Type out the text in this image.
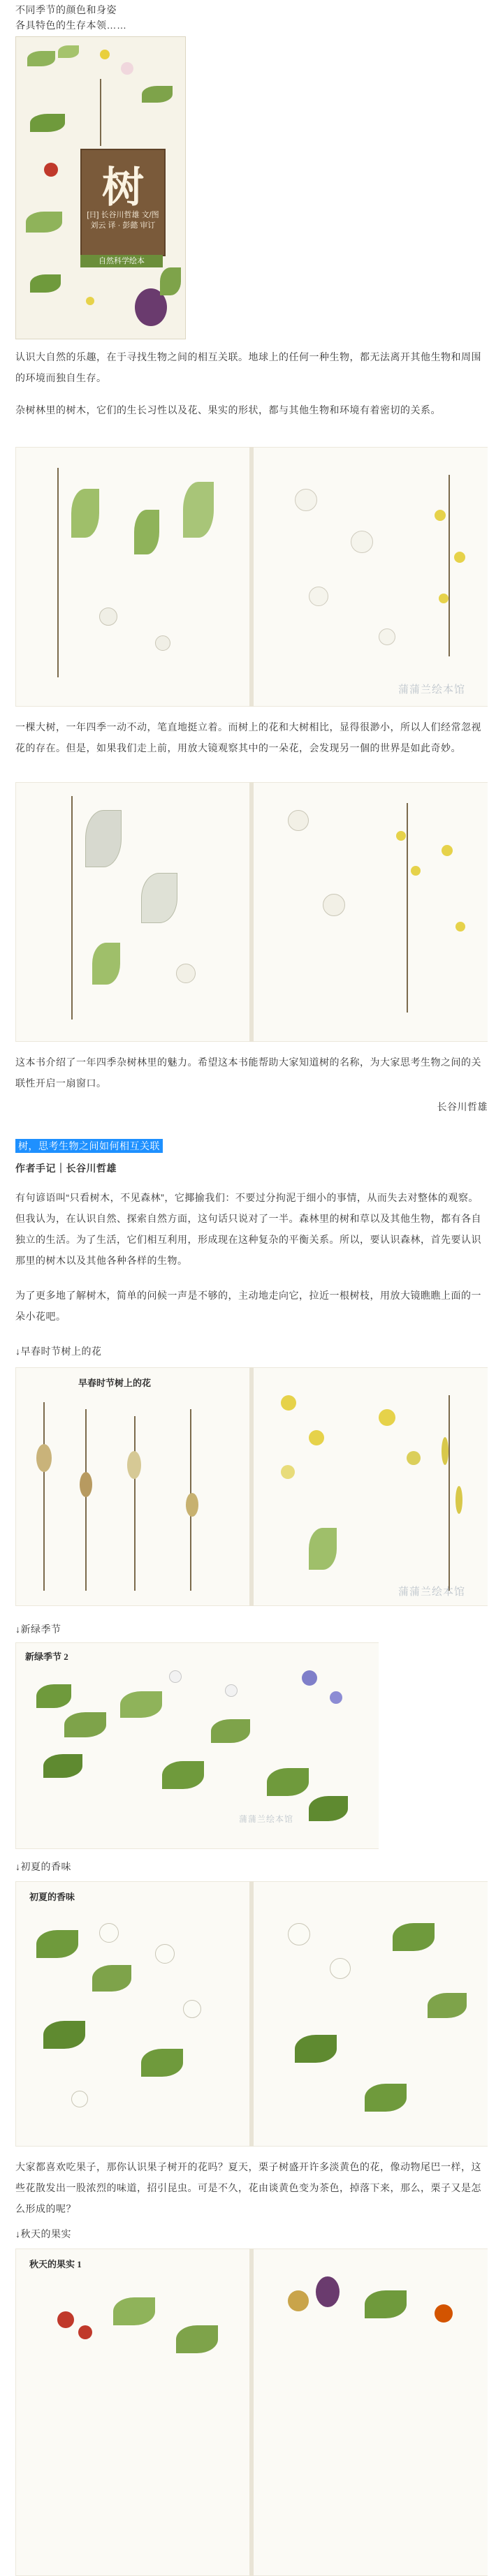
不同季节的颜色和身姿
各具特色的生存本领……
树
[日] 长谷川哲雄 文/图
刘云 译 · 彭懿 审订
自然科学绘本
认识大自然的乐趣，在于寻找生物之间的相互关联。地球上的任何一种生物，都无法离开其他生物和周围的环境而独自生存。
杂树林里的树木，它们的生长习性以及花、果实的形状，都与其他生物和环境有着密切的关系。
蒲蒲兰绘本馆
一棵大树，一年四季一动不动，笔直地挺立着。而树上的花和大树相比，显得很渺小，所以人们经常忽视花的存在。但是，如果我们走上前，用放大镜观察其中的一朵花，会发现另一個的世界是如此奇妙。
这本书介绍了一年四季杂树林里的魅力。希望这本书能帮助大家知道树的名称，为大家思考生物之间的关联性开启一扇窗口。
长谷川哲雄
树，思考生物之间如何相互关联
作者手记｜长谷川哲雄
有句谚语叫“只看树木，不见森林”，它揶揄我们：不要过分拘泥于细小的事情，从而失去对整体的观察。但我认为，在认识自然、探索自然方面，这句话只说对了一半。森林里的树和草以及其他生物，都有各自独立的生活。为了生活，它们相互利用，形成现在这种复杂的平衡关系。所以，要认识森林，首先要认识那里的树木以及其他各种各样的生物。
为了更多地了解树木，简单的问候一声是不够的，主动地走向它，拉近一根树枝，用放大镜瞧瞧上面的一朵小花吧。
↓早春时节树上的花
早春时节树上的花
蒲蒲兰绘本馆
↓新绿季节
新绿季节 2
蒲蒲兰绘本馆
↓初夏的香味
初夏的香味
大家都喜欢吃果子，那你认识果子树开的花吗？夏天，栗子树盛开许多淡黄色的花，像动物尾巴一样，这些花散发出一股浓烈的味道，招引昆虫。可是不久，花由谈黄色变为茶色，掉落下来，那么，栗子又是怎么形成的呢？
↓秋天的果实
秋天的果实 1
